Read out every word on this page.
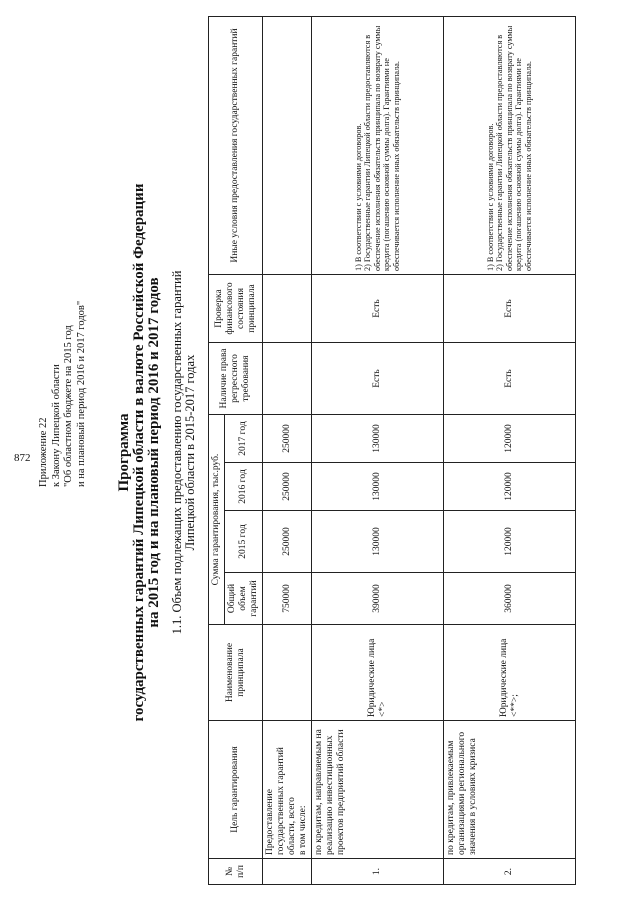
872 Приложение 22 к Закону Липецкой области "Об областном бюджете на 2015 год и на плановый период 2016 и 2017 годов" Программа государственных гарантий Липецкой области в валюте Российской Федерации на 2015 год и на плановый период 2016 и 2017 годов 1.1. Объем подлежащих предоставлению государственных гарантий Липецкой области в 2015-2017 годах
№ п/п	Цель гарантирования	Наименование принципала	Сумма гарантирования, тыс.руб.				Наличие права регрессного требования	Проверка финансового состояния принципала	Иные условия предоставления государственных гарантий
			Общий объем гарантий	2015 год	2016 год	2017 год			

	Предоставление государственных гарантий области, всего в том числе:		750000	250000	250000	250000			
1.	по кредитам, направляемым на реализацию инвестиционных проектов предприятий области	Юридические лица <*>	390000	130000	130000	130000	Есть	Есть	1) В соответствии с условиями договоров. 2) Государственные гарантии Липецкой области предоставляются в обеспечение исполнения обязательств принципала по возврату суммы кредита (погашению основной суммы долга). Гарантиями не обеспечивается исполнение иных обязательств принципала.

2.	по кредитам, привлекаемым организациями регионального значения в условиях кризиса	Юридические лица <**>;	360000	120000	120000	120000	Есть	Есть	1) В соответствии с условиями договоров. 2) Государственные гарантии Липецкой области предоставляются в обеспечение исполнения обязательств принципала по возврату суммы кредита (погашению основной суммы долга). Гарантиями не обеспечивается исполнение иных обязательств принципала.
